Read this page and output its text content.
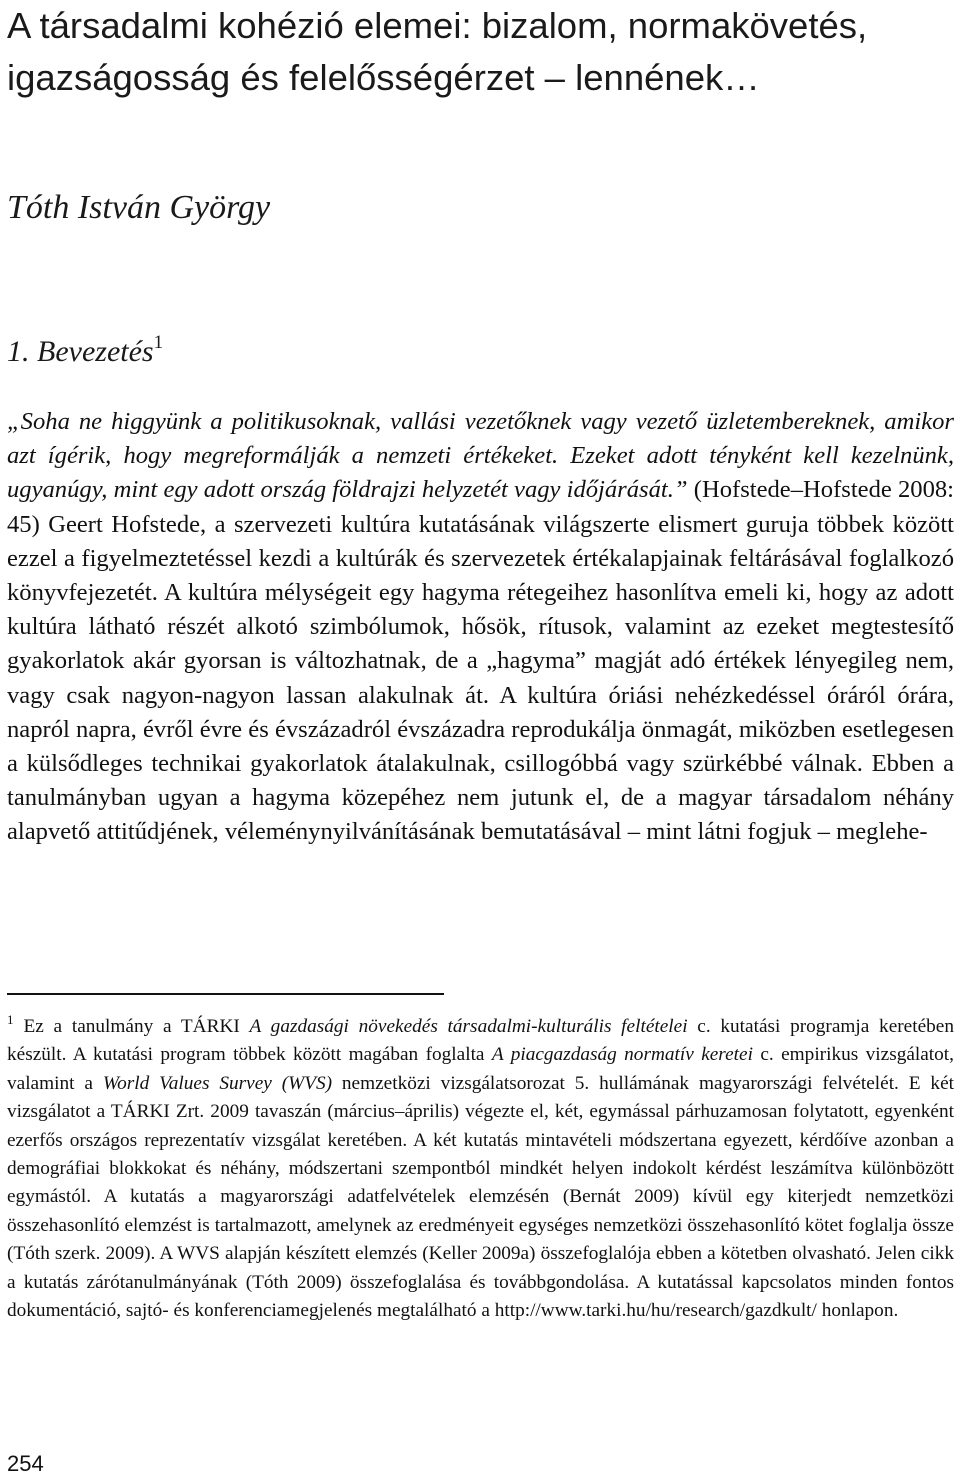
A társadalmi kohézió elemei: bizalom, normakövetés, igazságosság és felelősségérzet – lennének…

Tóth István György

1. Bevezetés$^1$

„Soha ne higgyünk a politikusoknak, vallási vezetőknek vagy vezető üzletembereknek, amikor azt ígérik, hogy megreformálják a nemzeti értékeket. Ezeket adott tényként kell kezelnünk, ugyanúgy, mint egy adott ország földrajzi helyzetét vagy időjárását.” (Hofstede–Hofstede 2008: 45) Geert Hofstede, a szervezeti kultúra kutatásának világszerte elismert guruja többek között ezzel a figyelmeztetéssel kezdi a kultúrák és szervezetek értékalapjainak feltárásával foglalkozó könyvfejezetét. A kultúra mélységeit egy hagyma rétegeihez hasonlítva emeli ki, hogy az adott kultúra látható részét alkotó szimbólumok, hősök, rítusok, valamint az ezeket megtestesítő gyakorlatok akár gyorsan is változhatnak, de a „hagyma” magját adó értékek lényegileg nem, vagy csak nagyon-nagyon lassan alakulnak át. A kultúra óriási nehézkedéssel óráról órára, napról napra, évről évre és évszázadról évszázadra reprodukálja önmagát, miközben esetlegesen a külsődleges technikai gyakorlatok átalakulnak, csillogóbbá vagy szürkébbé válnak. Ebben a tanulmányban ugyan a hagyma közepéhez nem jutunk el, de a magyar társadalom néhány alapvető attitűdjének, véleménynyilvánításának bemutatásával – mint látni fogjuk – meglehe-

$^1$ Ez a tanulmány a TÁRKI A gazdasági növekedés társadalmi-kulturális feltételei c. kutatási programja keretében készült. A kutatási program többek között magában foglalta A piacgazdaság normatív keretei c. empirikus vizsgálatot, valamint a World Values Survey (WVS) nemzetközi vizsgálatsorozat 5. hullámának magyarországi felvételét. E két vizsgálatot a TÁRKI Zrt. 2009 tavaszán (március–április) végezte el, két, egymással párhuzamosan folytatott, egyenként ezerfős országos reprezentatív vizsgálat keretében. A két kutatás mintavételi módszertana egyezett, kérdőíve azonban a demográfiai blokkokat és néhány, módszertani szempontból mindkét helyen indokolt kérdést leszámítva különbözött egymástól. A kutatás a magyarországi adatfelvételek elemzésén (Bernát 2009) kívül egy kiterjedt nemzetközi összehasonlító elemzést is tartalmazott, amelynek az eredményeit egységes nemzetközi összehasonlító kötet foglalja össze (Tóth szerk. 2009). A WVS alapján készített elemzés (Keller 2009a) összefoglalója ebben a kötetben olvasható. Jelen cikk a kutatás zárótanulmányának (Tóth 2009) összefoglalása és továbbgondolása. A kutatással kapcsolatos minden fontos dokumentáció, sajtó- és konferenciamegjelenés megtalálható a http://www.tarki.hu/hu/research/gazdkult/ honlapon.

254
